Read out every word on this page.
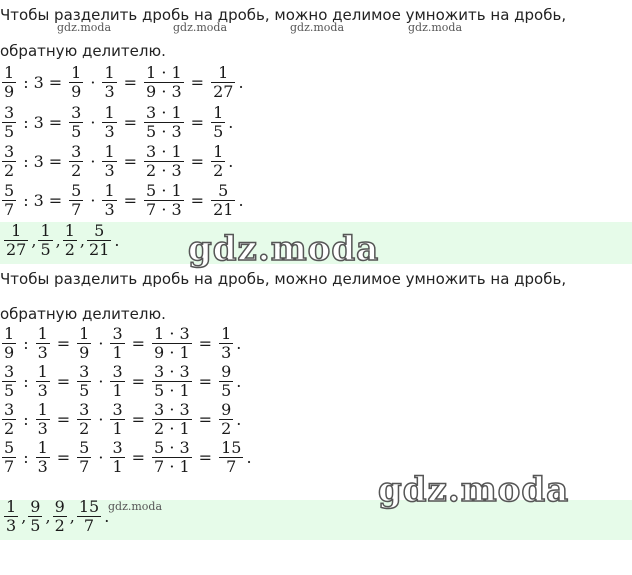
Чтобы разделить дробь на дробь, можно делимое умножить на дробь,
gdz.moda	gdz.moda	gdz.moda	gdz.moda
обратную делителю.
$\frac{1}{9}$ : $3 = \frac{1}{9} \cdot \frac{1}{3} = \frac{1 \cdot 1}{9 \cdot 3} = \frac{1}{27}$ .
$\frac{3}{5}$ : $3 = \frac{3}{5} \cdot \frac{1}{3} = \frac{3 \cdot 1}{5 \cdot 3} = \frac{1}{5}$ .
$\frac{3}{2}$ : $3 = \frac{3}{2} \cdot \frac{1}{3} = \frac{3 \cdot 1}{2 \cdot 3} = \frac{1}{2}$ .
$\frac{5}{7}$ : $3 = \frac{5}{7} \cdot \frac{1}{3} = \frac{5 \cdot 1}{7 \cdot 3} = \frac{5}{21}$ .
$\frac{1}{27}$ , $\frac{1}{5}$ , $\frac{1}{2}$ , $\frac{5}{21}$ . gdz.moda
Чтобы разделить дробь на дробь, можно делимое умножить на дробь,
обратную делителю.
$\frac{1}{9}$ : $\frac{1}{3} = \frac{1}{9} \cdot \frac{3}{1} = \frac{1 \cdot 3}{9 \cdot 1} = \frac{1}{3}$ .
$\frac{3}{5}$ : $\frac{1}{3} = \frac{3}{5} \cdot \frac{3}{1} = \frac{3 \cdot 3}{5 \cdot 1} = \frac{9}{5}$ .
$\frac{3}{2}$ : $\frac{1}{3} = \frac{3}{2} \cdot \frac{3}{1} = \frac{3 \cdot 3}{2 \cdot 1} = \frac{9}{2}$ .
$\frac{5}{7}$ : $\frac{1}{3} = \frac{5}{7} \cdot \frac{3}{1} = \frac{5 \cdot 3}{7 \cdot 1} = \frac{15}{7}$ .
$\frac{1}{3}$ , $\frac{9}{5}$ , $\frac{9}{2}$ , $\frac{15}{7}$ .
gdz.moda
gdz.moda
